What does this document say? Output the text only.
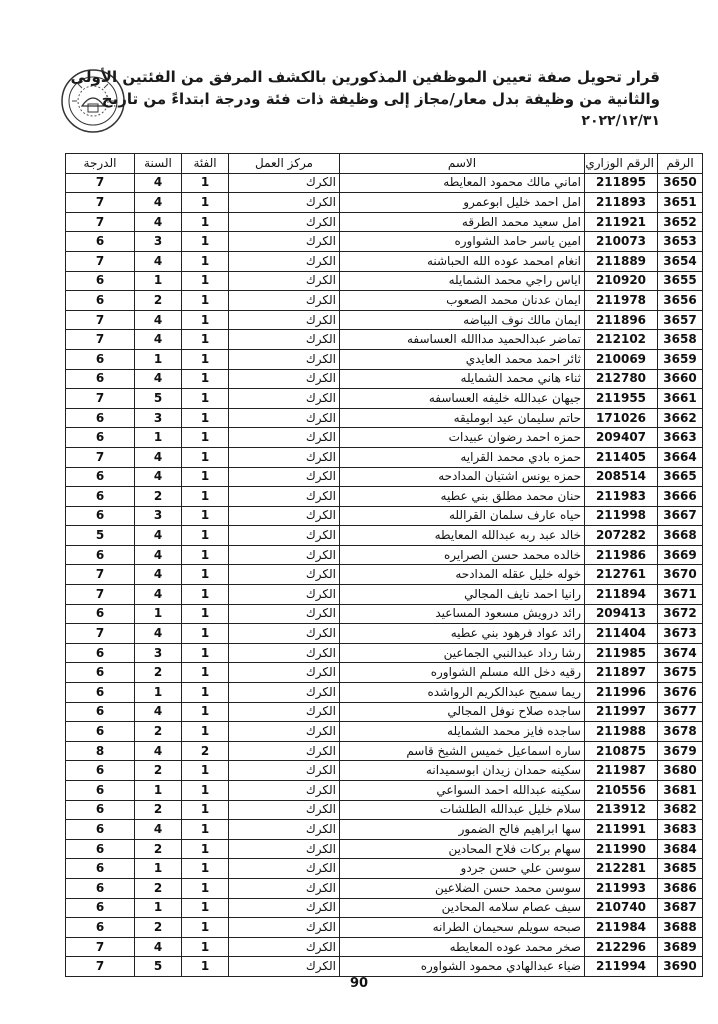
قرار تحويل صفة تعيين الموظفين المذكورين بالكشف المرفق من الفئتين الأولى
والثانية من وظيفة بدل معار/مجاز إلى وظيفة ذات فئة ودرجة ابتداءً من تاريخ
٢٠٢٢/١٢/٣١
الرقم	الرقم الوزاري	الاسم	مركز العمل	الفئة	السنة	الدرجة
3650	211895	اماني مالك محمود المعايطه	الكرك	1	4	7
3651	211893	امل احمد خليل ابوعمرو	الكرك	1	4	7
3652	211921	امل سعيد محمد الطرقه	الكرك	1	4	7
3653	210073	امين ياسر حامد الشواوره	الكرك	1	3	6
3654	211889	انغام امحمد عوده الله الحباشنه	الكرك	1	4	7
3655	210920	اياس راجي محمد الشمايله	الكرك	1	1	6
3656	211978	ايمان عدنان محمد الصعوب	الكرك	1	2	6
3657	211896	ايمان مالك نوف البياضه	الكرك	1	4	7
3658	212102	تماضر عبدالحميد مداالله العساسفه	الكرك	1	4	7
3659	210069	ثائر احمد محمد العايدي	الكرك	1	1	6
3660	212780	ثناء هاني محمد الشمايله	الكرك	1	4	6
3661	211955	جيهان عبدالله خليفه العساسفه	الكرك	1	5	7
3662	171026	حاتم سليمان عيد ابومليقه	الكرك	1	3	6
3663	209407	حمزه احمد رضوان عبيدات	الكرك	1	1	6
3664	211405	حمزه بادي محمد القرايه	الكرك	1	4	7
3665	208514	حمزه يونس اشتيان المدادحه	الكرك	1	4	6
3666	211983	حنان محمد مطلق بني عطيه	الكرك	1	2	6
3667	211998	حياه عارف سلمان القرالله	الكرك	1	3	6
3668	207282	خالد عبد ربه عبدالله المعايطه	الكرك	1	4	5
3669	211986	خالده محمد حسن الصرايره	الكرك	1	4	6
3670	212761	خوله خليل عقله المدادحه	الكرك	1	4	7
3671	211894	رانيا احمد نايف المجالي	الكرك	1	4	7
3672	209413	رائد درويش مسعود المساعيد	الكرك	1	1	6
3673	211404	رائد عواد فرهود بني عطيه	الكرك	1	4	7
3674	211985	رشا رداد عبدالنبي الجماعين	الكرك	1	3	6
3675	211897	رقيه دخل الله مسلم الشواوره	الكرك	1	2	6
3676	211996	ريما سميح عبدالكريم الرواشده	الكرك	1	1	6
3677	211997	ساجده صلاح نوفل المجالي	الكرك	1	4	6
3678	211988	ساجده فايز محمد الشمايله	الكرك	1	2	6
3679	210875	ساره اسماعيل خميس الشيخ قاسم	الكرك	2	4	8
3680	211987	سكينه حمدان زيدان ابوسميدانه	الكرك	1	2	6
3681	210556	سكينه عبدالله احمد السواعي	الكرك	1	1	6
3682	213912	سلام خليل عبدالله الطلشات	الكرك	1	2	6
3683	211991	سها ابراهيم فالح الضمور	الكرك	1	4	6
3684	211990	سهام بركات فلاح المحادين	الكرك	1	2	6
3685	212281	سوسن علي حسن جردو	الكرك	1	1	6
3686	211993	سوسن محمد حسن الضلاعين	الكرك	1	2	6
3687	210740	سيف عصام سلامه المحادين	الكرك	1	1	6
3688	211984	صبحه سويلم سحيمان الطرانه	الكرك	1	2	6
3689	212296	صخر محمد عوده المعايطه	الكرك	1	4	7
3690	211994	ضياء عبدالهادي محمود الشواوره	الكرك	1	5	7
90
